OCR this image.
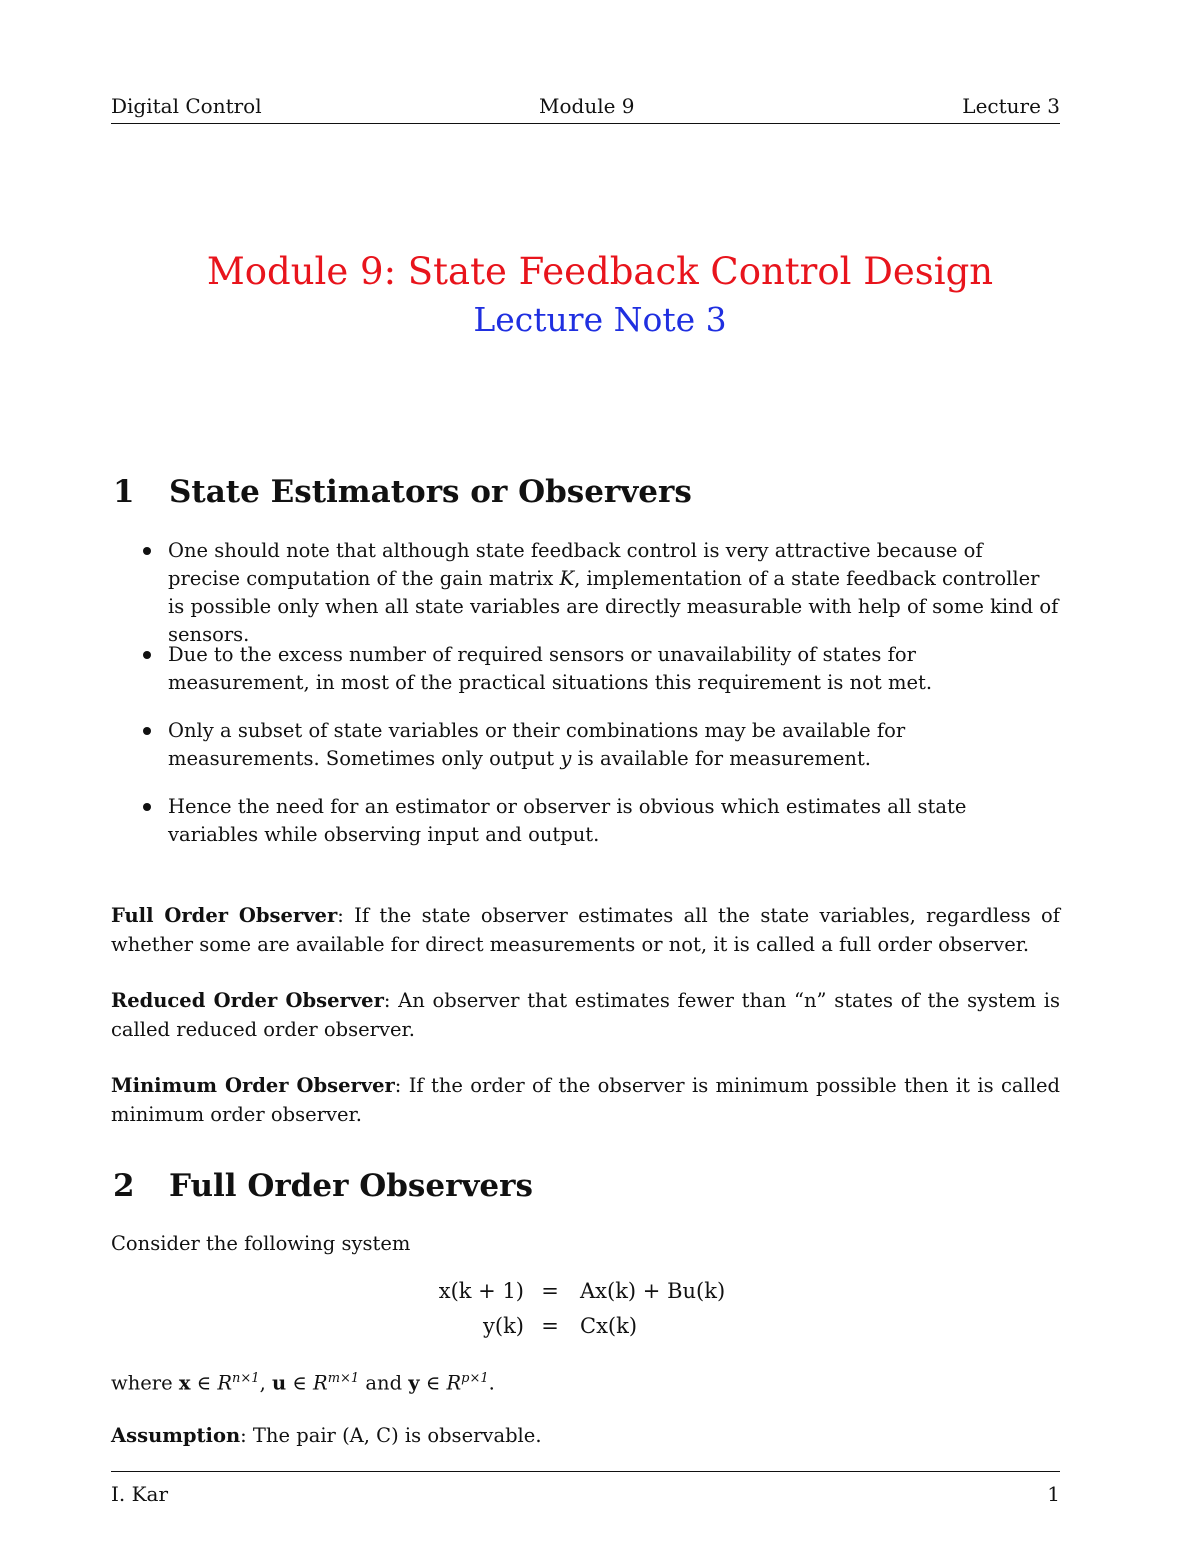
Digital Control	Module 9	Lecture 3
Module 9: State Feedback Control Design
Lecture Note 3
1 State Estimators or Observers
One should note that although state feedback control is very attractive because of precise computation of the gain matrix K, implementation of a state feedback controller is possible only when all state variables are directly measurable with help of some kind of sensors.
Due to the excess number of required sensors or unavailability of states for measurement, in most of the practical situations this requirement is not met.
Only a subset of state variables or their combinations may be available for measurements. Sometimes only output y is available for measurement.
Hence the need for an estimator or observer is obvious which estimates all state variables while observing input and output.
Full Order Observer: If the state observer estimates all the state variables, regardless of whether some are available for direct measurements or not, it is called a full order observer.
Reduced Order Observer: An observer that estimates fewer than “n” states of the system is called reduced order observer.
Minimum Order Observer: If the order of the observer is minimum possible then it is called minimum order observer.
2 Full Order Observers
Consider the following system
x(k + 1) = Ax(k) + Bu(k)
y(k) = Cx(k)
where x ∈ $R^{n\times 1}$, u ∈ $R^{m\times 1}$ and y ∈ $R^{p\times 1}$.
Assumption: The pair (A, C) is observable.
I. Kar	1
